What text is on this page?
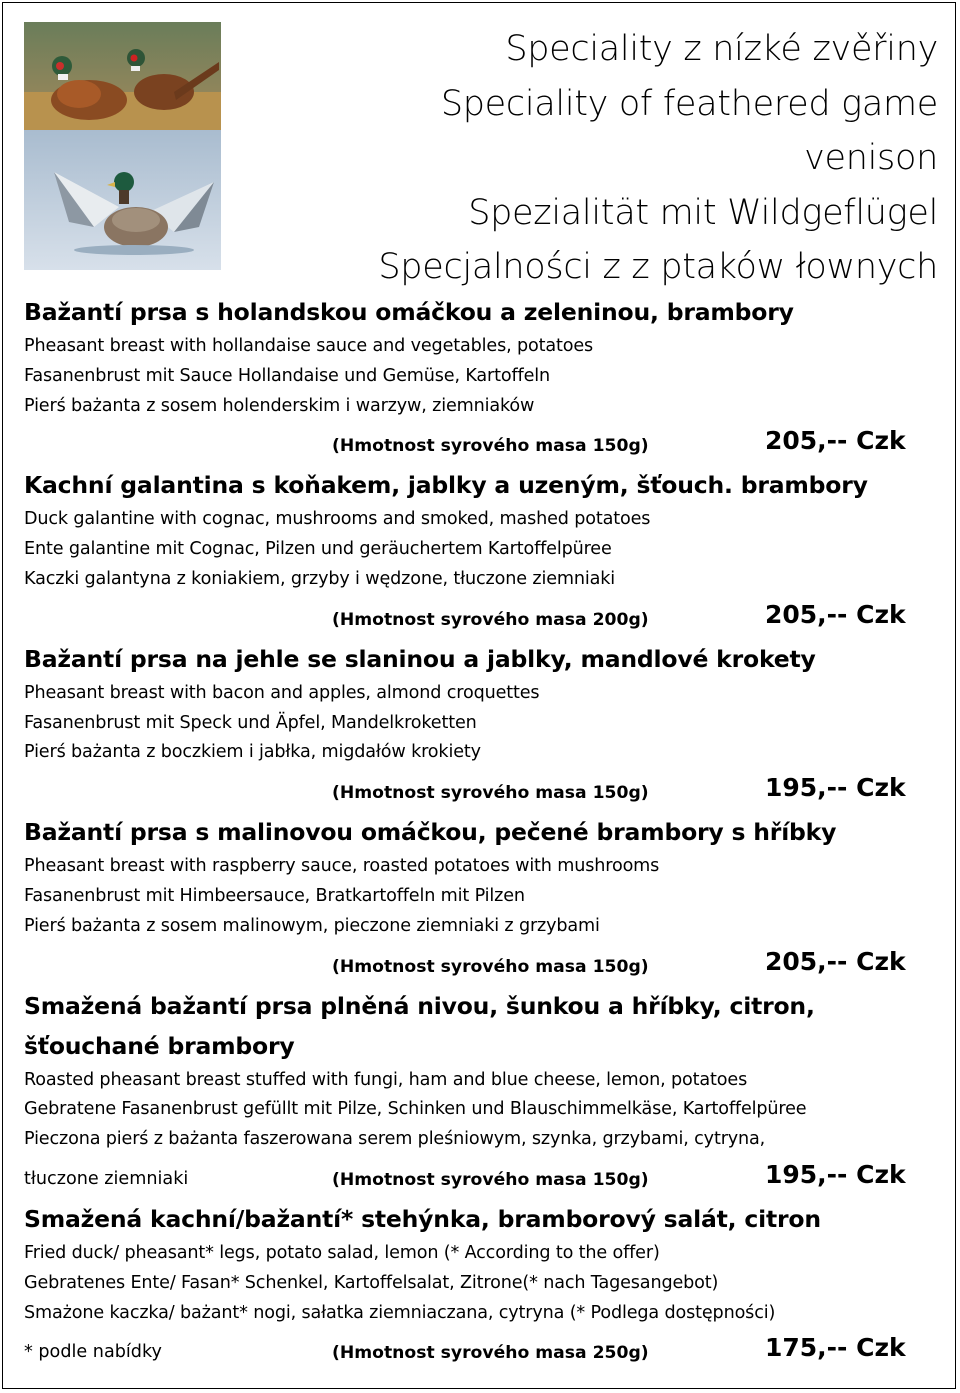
Speciality z nízké zvěřiny
Speciality of feathered game
venison
Spezialität mit Wildgeflügel
Specjalności z z ptaków łownych
Bažantí prsa s holandskou omáčkou a zeleninou, brambory
Pheasant breast with hollandaise sauce and vegetables, potatoes
Fasanenbrust mit Sauce Hollandaise und Gemüse, Kartoffeln
Pierś bażanta z sosem holenderskim i warzyw, ziemniaków
(Hmotnost syrového masa 150g)	205,-- Czk
Kachní galantina s koňakem, jablky a uzeným, šťouch. brambory
Duck galantine with cognac, mushrooms and smoked, mashed potatoes
Ente galantine mit Cognac, Pilzen und geräuchertem Kartoffelpüree
Kaczki galantyna z koniakiem, grzyby i wędzone, tłuczone ziemniaki
(Hmotnost syrového masa 200g)	205,-- Czk
Bažantí prsa na jehle se slaninou a jablky, mandlové krokety
Pheasant breast with bacon and apples, almond croquettes
Fasanenbrust mit Speck und Äpfel, Mandelkroketten
Pierś bażanta z boczkiem i jabłka, migdałów krokiety
(Hmotnost syrového masa 150g)	195,-- Czk
Bažantí prsa s malinovou omáčkou, pečené brambory s hříbky
Pheasant breast with raspberry sauce, roasted potatoes with mushrooms
Fasanenbrust mit Himbeersauce, Bratkartoffeln mit Pilzen
Pierś bażanta z sosem malinowym, pieczone ziemniaki z grzybami
(Hmotnost syrového masa 150g)	205,-- Czk
Smažená bažantí prsa plněná nivou, šunkou a hříbky, citron,
šťouchané brambory
Roasted pheasant breast stuffed with fungi, ham and blue cheese, lemon, potatoes
Gebratene Fasanenbrust gefüllt mit Pilze, Schinken und Blauschimmelkäse, Kartoffelpüree
Pieczona pierś z bażanta faszerowana serem pleśniowym, szynka, grzybami, cytryna,
tłuczone ziemniaki	(Hmotnost syrového masa 150g)	195,-- Czk
Smažená kachní/bažantí* stehýnka, bramborový salát, citron
Fried duck/ pheasant* legs, potato salad, lemon (* According to the offer)
Gebratenes Ente/ Fasan* Schenkel, Kartoffelsalat, Zitrone(* nach Tagesangebot)
Smażone kaczka/ bażant* nogi, sałatka ziemniaczana, cytryna (* Podlega dostępności)
* podle nabídky	(Hmotnost syrového masa 250g)	175,-- Czk
